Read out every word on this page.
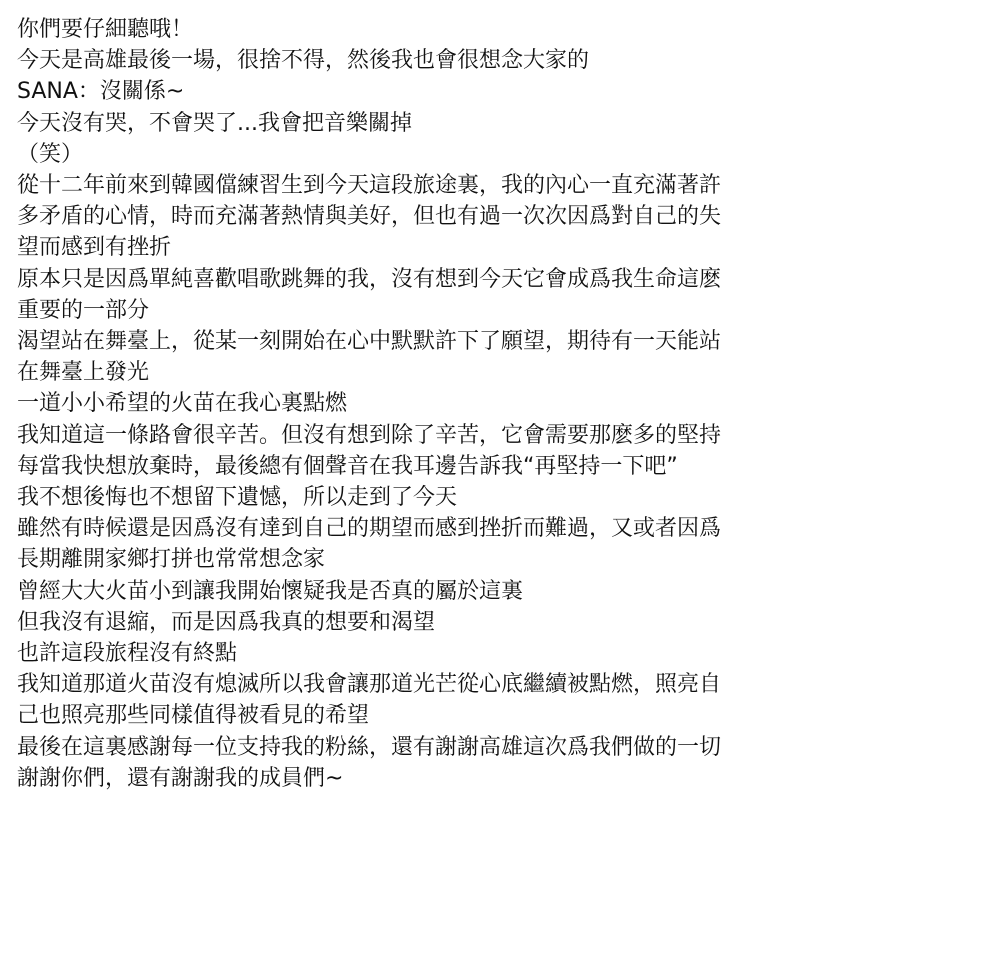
你們要仔細聽哦！
今天是高雄最後一場，很捨不得，然後我也會很想念大家的
SANA：沒關係~
今天沒有哭，不會哭了...我會把音樂關掉
（笑）
從十二年前來到韓國儅練習生到今天這段旅途裏，我的內心一直充滿著許
多矛盾的心情，時而充滿著熱情與美好，但也有過一次次因爲對自己的失
望而感到有挫折
原本只是因爲單純喜歡唱歌跳舞的我，沒有想到今天它會成爲我生命這麽
重要的一部分
渴望站在舞臺上，從某一刻開始在心中默默許下了願望，期待有一天能站
在舞臺上發光
一道小小希望的火苗在我心裏點燃
我知道這一條路會很辛苦。但沒有想到除了辛苦，它會需要那麽多的堅持
每當我快想放棄時，最後總有個聲音在我耳邊告訴我“再堅持一下吧”
我不想後悔也不想留下遺憾，所以走到了今天
雖然有時候還是因爲沒有達到自己的期望而感到挫折而難過，又或者因爲
長期離開家鄉打拼也常常想念家
曾經大大火苗小到讓我開始懷疑我是否真的屬於這裏
但我沒有退縮，而是因爲我真的想要和渴望
也許這段旅程沒有終點
我知道那道火苗沒有熄滅所以我會讓那道光芒從心底繼續被點燃，照亮自
己也照亮那些同樣值得被看見的希望
最後在這裏感謝每一位支持我的粉絲，還有謝謝高雄這次爲我們做的一切
謝謝你們，還有謝謝我的成員們~
